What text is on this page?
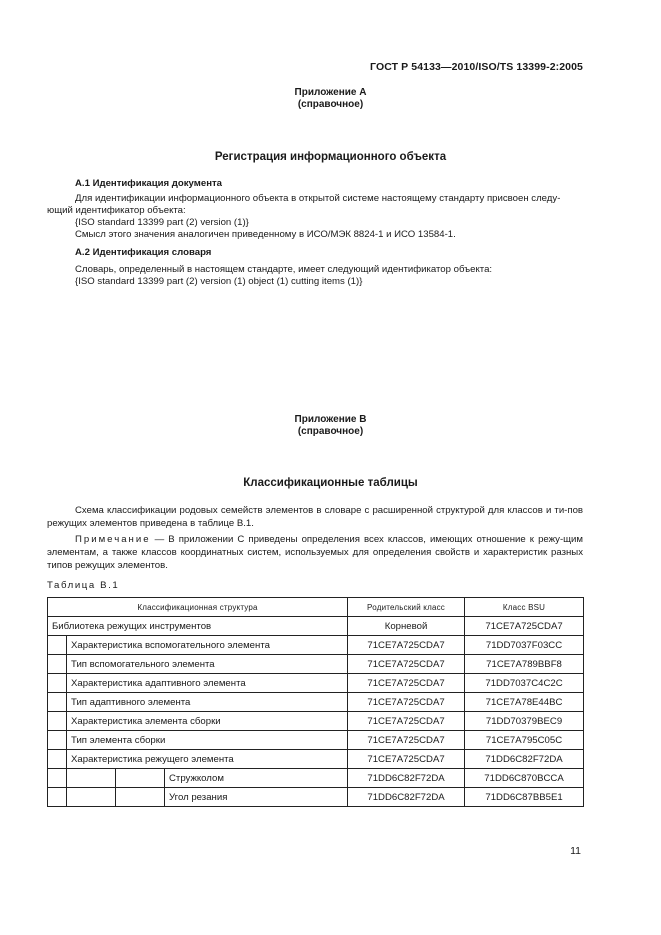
ГОСТ Р 54133—2010/ISO/TS 13399-2:2005
Приложение А
(справочное)
Регистрация информационного объекта
А.1 Идентификация документа
Для идентификации информационного объекта в открытой системе настоящему стандарту присвоен следу-
ющий идентификатор объекта:
{ISO standard 13399 part (2) version (1)}
Смысл этого значения аналогичен приведенному в ИСО/МЭК 8824-1 и ИСО 13584-1.
А.2 Идентификация словаря
Словарь, определенный в настоящем стандарте, имеет следующий идентификатор объекта:
{ISO standard 13399 part (2) version (1) object (1) cutting items (1)}
Приложение В
(справочное)
Классификационные таблицы
Схема классификации родовых семейств элементов в словаре с расширенной структурой для классов и ти-пов режущих элементов приведена в таблице В.1.
Примечание — В приложении С приведены определения всех классов, имеющих отношение к режу-щим элементам, а также классов координатных систем, используемых для определения свойств и характеристик разных типов режущих элементов.
Таблица В.1
Классификационная структура				Родительский класс	Класс BSU
Библиотека режущих инструментов				Корневой	71CE7A725CDA7
	Характеристика вспомогательного элемента			71CE7A725CDA7	71DD7037F03CC
	Тип вспомогательного элемента			71CE7A725CDA7	71CE7A789BBF8
	Характеристика адаптивного элемента			71CE7A725CDA7	71DD7037C4C2C
	Тип адаптивного элемента			71CE7A725CDA7	71CE7A78E44BC
	Характеристика элемента сборки			71CE7A725CDA7	71DD70379BEC9
	Тип элемента сборки			71CE7A725CDA7	71CE7A795C05C
	Характеристика режущего элемента			71CE7A725CDA7	71DD6C82F72DA
			Стружколом	71DD6C82F72DA	71DD6C870BCCA
			Угол резания	71DD6C82F72DA	71DD6C87BB5E1
11
